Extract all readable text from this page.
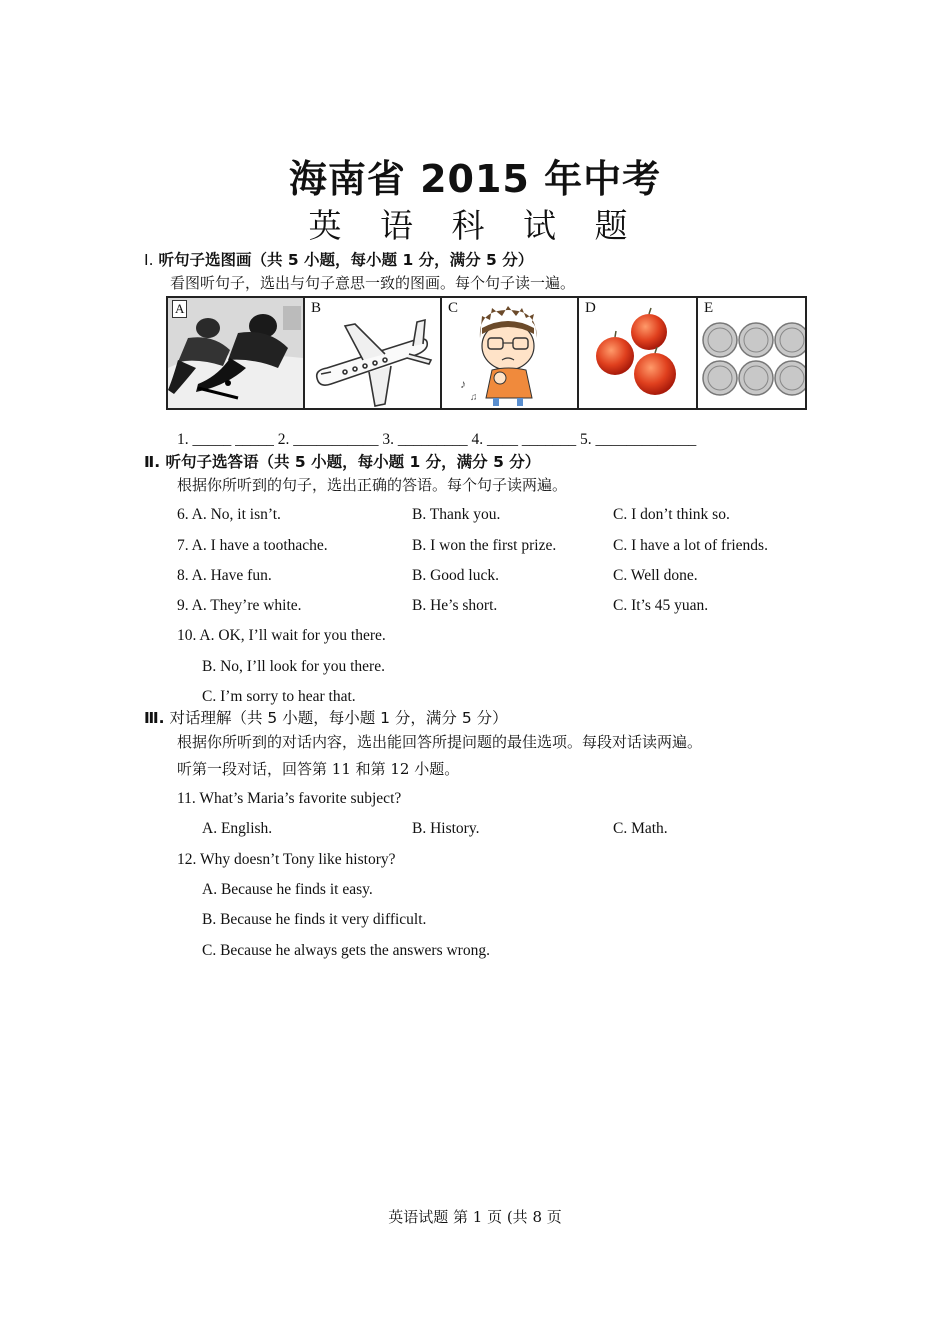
海南省 2015 年中考
英 语 科 试 题
Ⅰ. 听句子选图画（共 5 小题，每小题 1 分，满分 5 分）
看图听句子，选出与句子意思一致的图画。每个句子读一遍。
A	B
♪
♫
C	D	E
1. _____ _____ 2. ___________ 3. _________ 4. ____ _______ 5. _____________
Ⅱ. 听句子选答语（共 5 小题，每小题 1 分，满分 5 分）
根据你所听到的句子，选出正确的答语。每个句子读两遍。
6. A. No, it isn’t.	B. Thank you.	C. I don’t think so.
7. A. I have a toothache.	B. I won the first prize.	C. I have a lot of friends.
8. A. Have fun.	B. Good luck.	C. Well done.
9. A. They’re white.	B. He’s short.	C. It’s 45 yuan.
10. A. OK, I’ll wait for you there.
B. No, I’ll look for you there.
C. I’m sorry to hear that.
Ⅲ. 对话理解（共 5 小题，每小题 1 分，满分 5 分）
根据你所听到的对话内容，选出能回答所提问题的最佳选项。每段对话读两遍。
听第一段对话，回答第 11 和第 12 小题。
11. What’s Maria’s favorite subject?
A. English.	B. History.	C. Math.
12. Why doesn’t Tony like history?
A. Because he finds it easy.
B. Because he finds it very difficult.
C. Because he always gets the answers wrong.
英语试题 第 1 页 (共 8 页
